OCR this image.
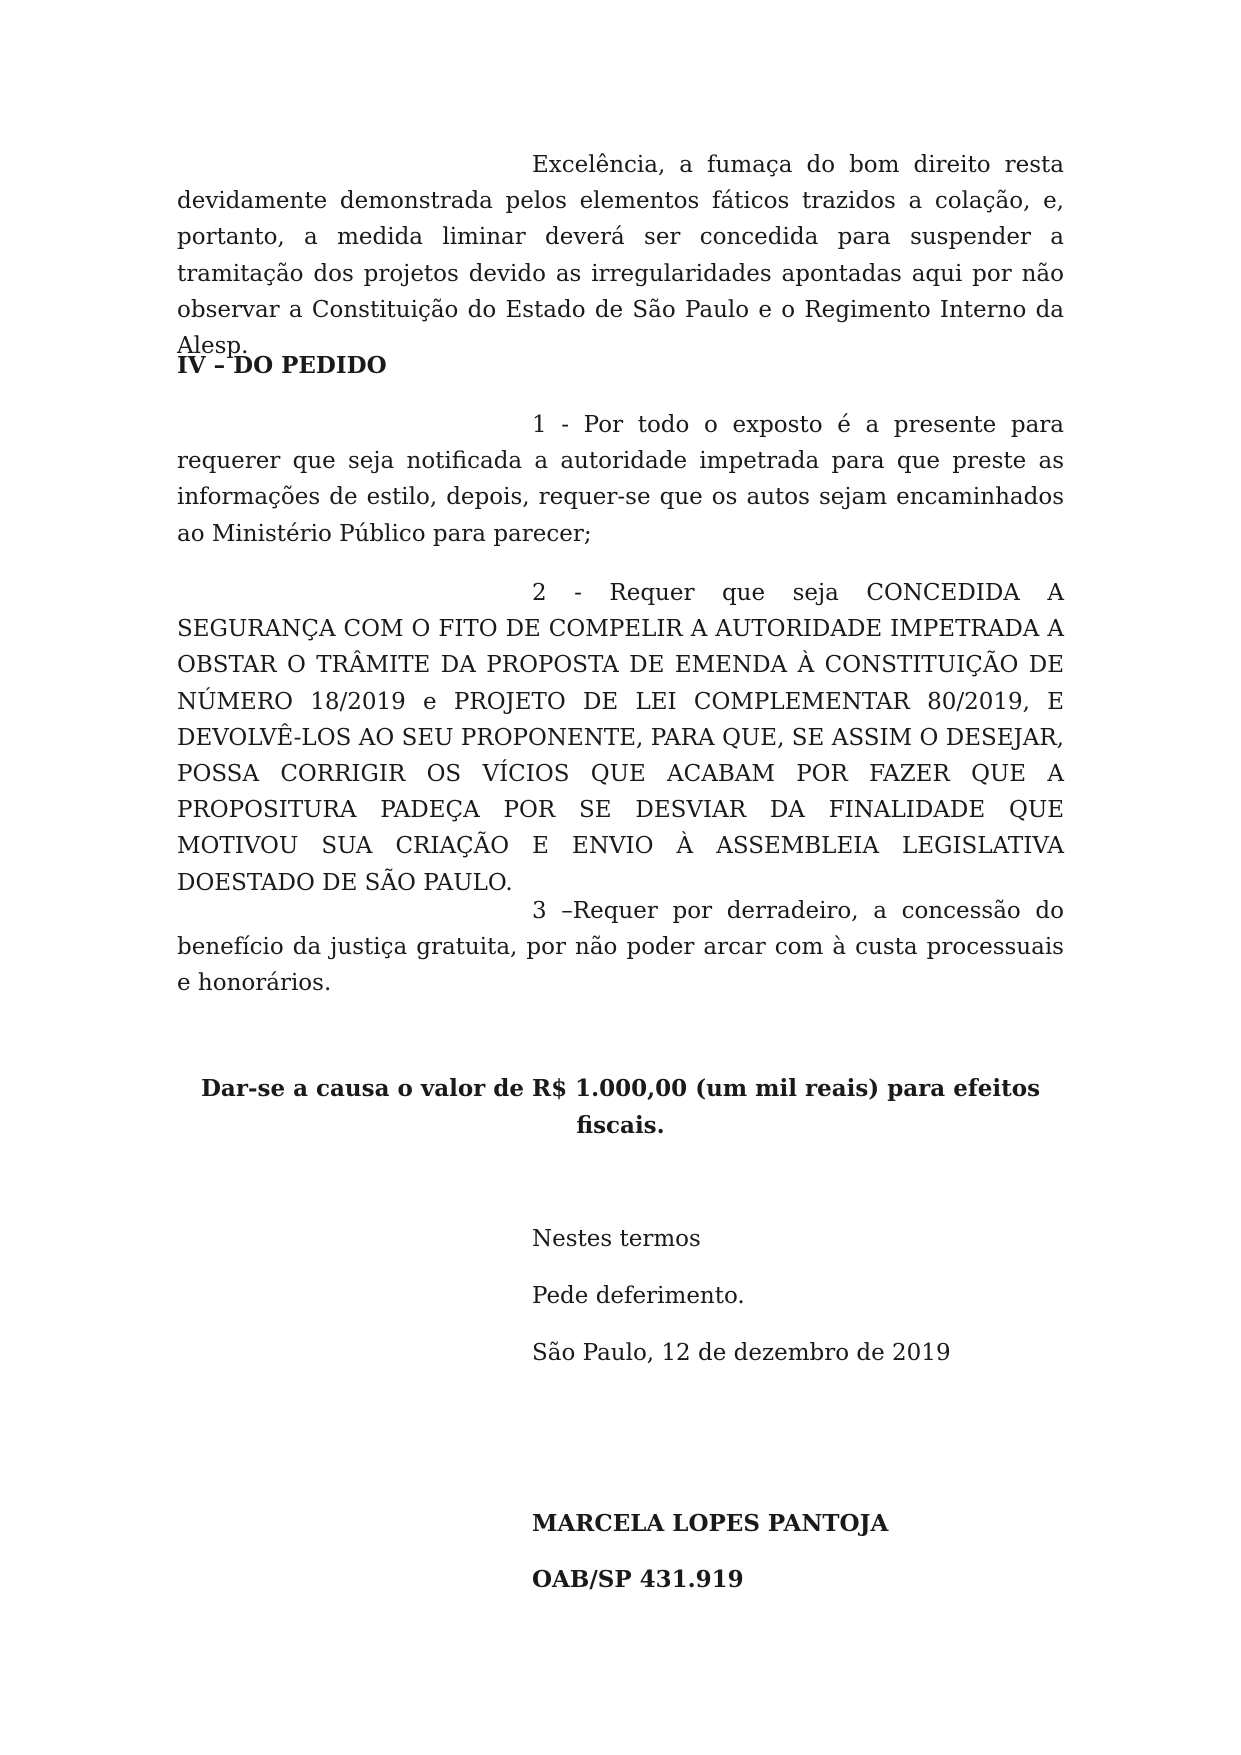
Excelência, a fumaça do bom direito resta devidamente demonstrada pelos elementos fáticos trazidos a colação, e, portanto, a medida liminar deverá ser concedida para suspender a tramitação dos projetos devido as irregularidades apontadas aqui por não observar a Constituição do Estado de São Paulo e o Regimento Interno da Alesp.

IV – DO PEDIDO

1 - Por todo o exposto é a presente para requerer que seja notificada a autoridade impetrada para que preste as informações de estilo, depois, requer-se que os autos sejam encaminhados ao Ministério Público para parecer;

2 - Requer que seja CONCEDIDA A SEGURANÇA COM O FITO DE COMPELIR A AUTORIDADE IMPETRADA A OBSTAR O TRÂMITE DA PROPOSTA DE EMENDA À CONSTITUIÇÃO DE NÚMERO 18/2019 e PROJETO DE LEI COMPLEMENTAR 80/2019, E DEVOLVÊ-LOS AO SEU PROPONENTE, PARA QUE, SE ASSIM O DESEJAR, POSSA CORRIGIR OS VÍCIOS QUE ACABAM POR FAZER QUE A PROPOSITURA PADEÇA POR SE DESVIAR DA FINALIDADE QUE MOTIVOU SUA CRIAÇÃO E ENVIO À ASSEMBLEIA LEGISLATIVA DOESTADO DE SÃO PAULO.

3 –Requer por derradeiro, a concessão do benefício da justiça gratuita, por não poder arcar com à custa processuais e honorários.

Dar-se a causa o valor de R$ 1.000,00 (um mil reais) para efeitos
fiscais.

Nestes termos

Pede deferimento.

São Paulo, 12 de dezembro de 2019

MARCELA LOPES PANTOJA

OAB/SP 431.919
